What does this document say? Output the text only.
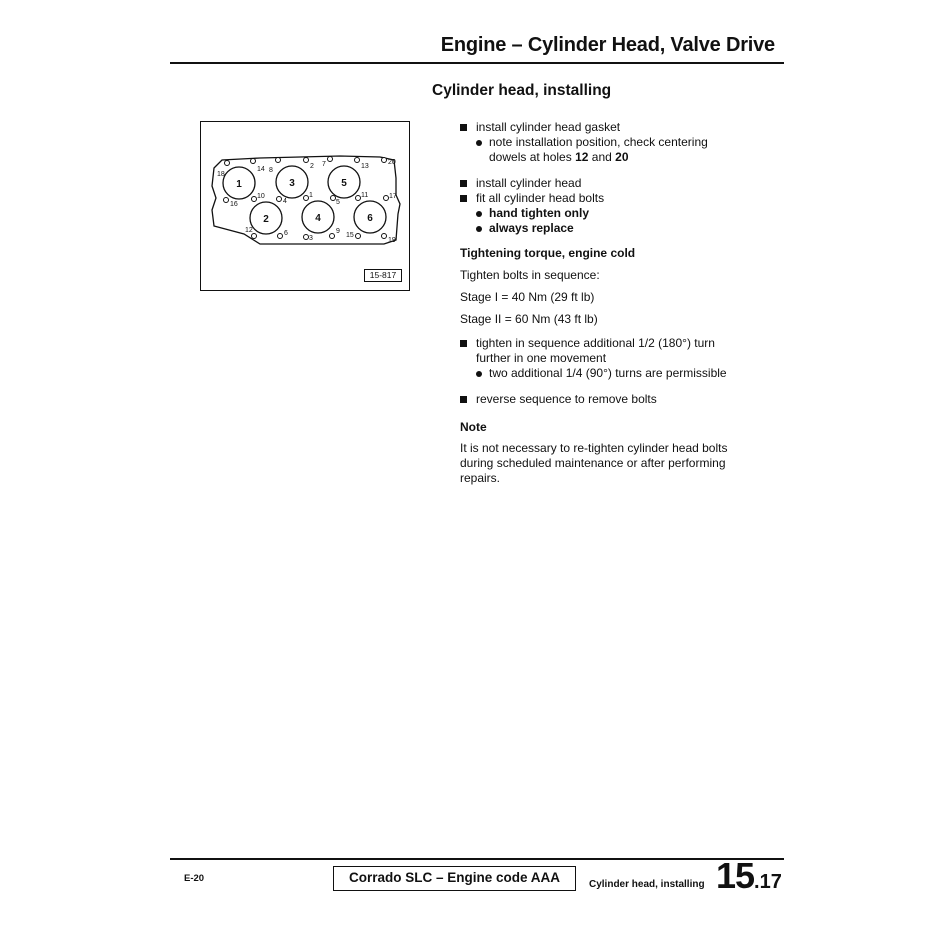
Engine – Cylinder Head, Valve Drive
Cylinder head, installing
1
2
3
4
5
6
18
14 8
2 7	13
20
16
10
4
1
5
11	17
12	6
3
9
15
19
15-817
install cylinder head gasket
note installation position, check centering
dowels at holes 12 and 20
install cylinder head
fit all cylinder head bolts
hand tighten only
always replace
Tightening torque, engine cold
Tighten bolts in sequence:
Stage I = 40 Nm (29 ft lb)
Stage II = 60 Nm (43 ft lb)
tighten in sequence additional 1/2 (180°) turn
further in one movement
two additional 1/4 (90°) turns are permissible
reverse sequence to remove bolts
Note
It is not necessary to re-tighten cylinder head bolts during scheduled maintenance or after performing repairs.
E-20	Corrado SLC – Engine code AAA	Cylinder head, installing 15.17
